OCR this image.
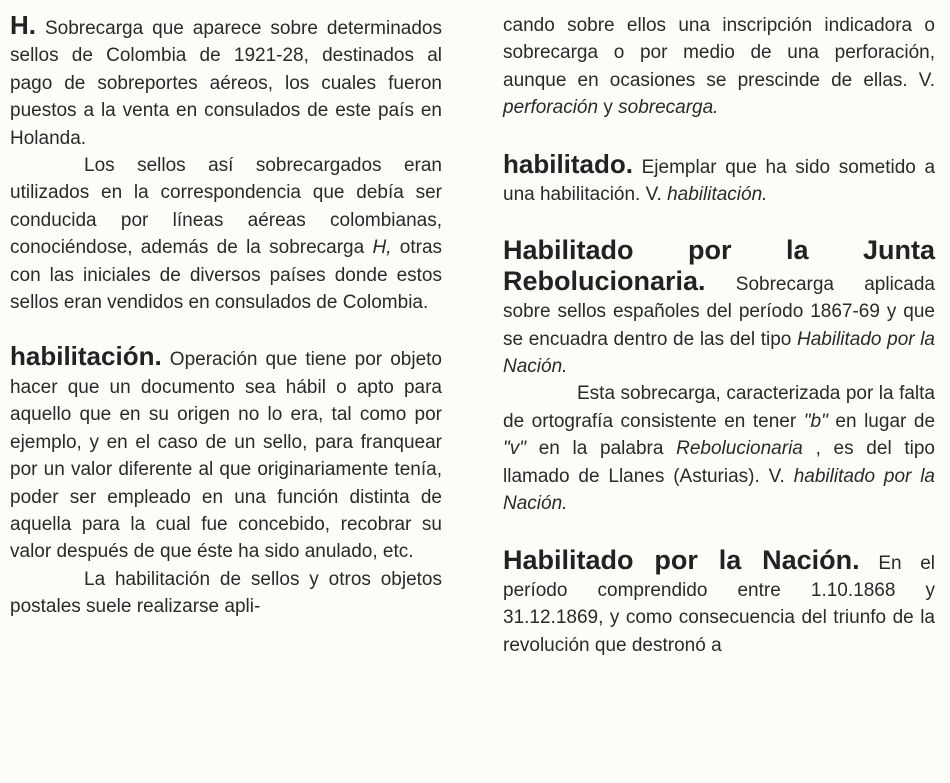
H. Sobrecarga que aparece sobre determinados sellos de Colombia de 1921-28, destinados al pago de sobreportes aéreos, los cuales fueron puestos a la venta en consulados de este país en Holanda.

Los sellos así sobrecargados eran utilizados en la correspondencia que debía ser conducida por líneas aéreas colombianas, conociéndose, además de la sobrecarga H, otras con las iniciales de diversos países donde estos sellos eran vendidos en consulados de Colombia.

habilitación. Operación que tiene por objeto hacer que un documento sea hábil o apto para aquello que en su origen no lo era, tal como por ejemplo, y en el caso de un sello, para franquear por un valor diferente al que originariamente tenía, poder ser empleado en una función distinta de aquella para la cual fue concebido, recobrar su valor después de que éste ha sido anulado, etc.

La habilitación de sellos y otros objetos postales suele realizarse apli-

cando sobre ellos una inscripción indicadora o sobrecarga o por medio de una perforación, aunque en ocasiones se prescinde de ellas. V. perforación y sobrecarga.

habilitado. Ejemplar que ha sido sometido a una habilitación. V. habilitación.

Habilitado por la Junta Rebolucionaria. Sobrecarga aplicada sobre sellos españoles del período 1867-69 y que se encuadra dentro de las del tipo Habilitado por la Nación.

Esta sobrecarga, caracterizada por la falta de ortografía consistente en tener "b" en lugar de "v" en la palabra Rebolucionaria , es del tipo llamado de Llanes (Asturias). V. habilitado por la Nación.

Habilitado por la Nación. En el período comprendido entre 1.10.1868 y 31.12.1869, y como consecuencia del triunfo de la revolución que destronó a
